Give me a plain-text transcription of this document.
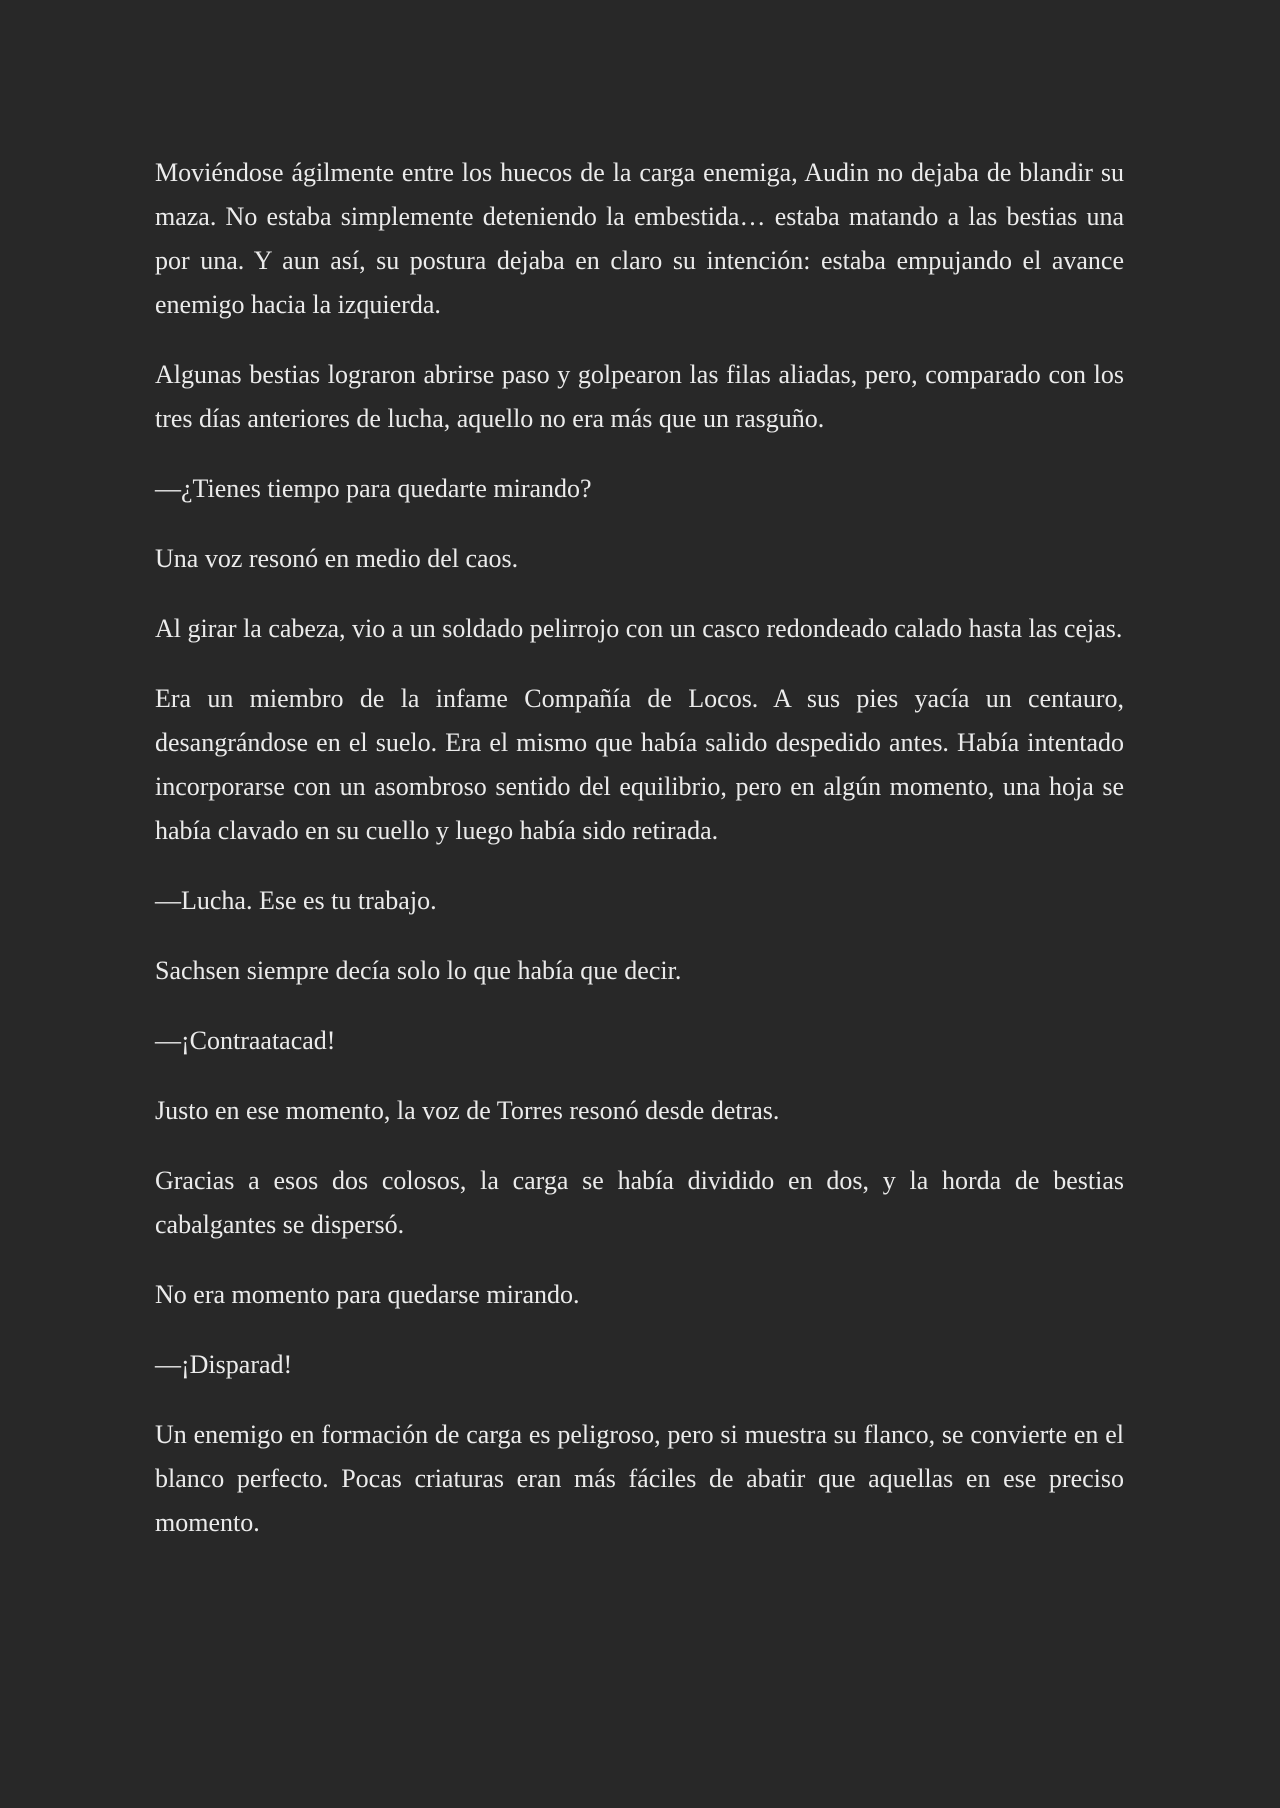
Moviéndose ágilmente entre los huecos de la carga enemiga, Audin no dejaba de blandir su maza. No estaba simplemente deteniendo la embestida… estaba matando a las bestias una por una. Y aun así, su postura dejaba en claro su intención: estaba empujando el avance enemigo hacia la izquierda.

Algunas bestias lograron abrirse paso y golpearon las filas aliadas, pero, comparado con los tres días anteriores de lucha, aquello no era más que un rasguño.

—¿Tienes tiempo para quedarte mirando?

Una voz resonó en medio del caos.

Al girar la cabeza, vio a un soldado pelirrojo con un casco redondeado calado hasta las cejas.

Era un miembro de la infame Compañía de Locos. A sus pies yacía un centauro, desangrándose en el suelo. Era el mismo que había salido despedido antes. Había intentado incorporarse con un asombroso sentido del equilibrio, pero en algún momento, una hoja se había clavado en su cuello y luego había sido retirada.

—Lucha. Ese es tu trabajo.

Sachsen siempre decía solo lo que había que decir.

—¡Contraatacad!

Justo en ese momento, la voz de Torres resonó desde detras.

Gracias a esos dos colosos, la carga se había dividido en dos, y la horda de bestias cabalgantes se dispersó.

No era momento para quedarse mirando.

—¡Disparad!

Un enemigo en formación de carga es peligroso, pero si muestra su flanco, se convierte en el blanco perfecto. Pocas criaturas eran más fáciles de abatir que aquellas en ese preciso momento.
